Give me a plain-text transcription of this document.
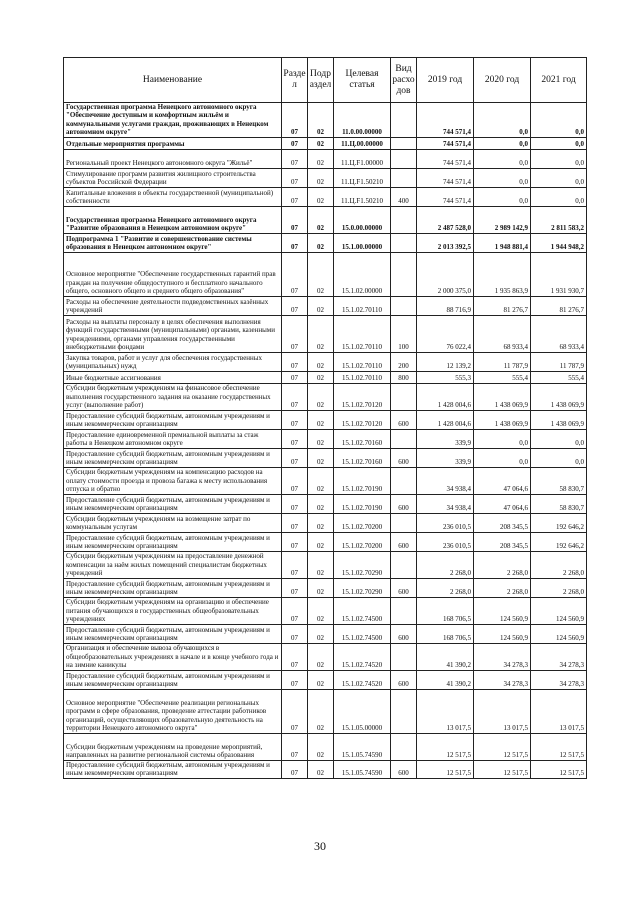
Наименование	Разде л	Подр аздел	Целевая статья	Вид расхо дов	2019 год	2020 год	2021 год
Государственная программа Ненецкого автономного округа "Обеспечение доступным и комфортным жильём и коммунальными услугами граждан, проживающих в Ненецком автономном округе"	07	02	11.0.00.00000		744 571,4	0,0	0,0
Отдельные мероприятия программы	07	02	11.Ц.00.00000		744 571,4	0,0	0,0
Региональный проект Ненецкого автономного округа "Жильё"	07	02	11.Ц.F1.00000		744 571,4	0,0	0,0
Стимулирование программ развития жилищного строительства субъектов Российской Федерации	07	02	11.Ц.F1.50210		744 571,4	0,0	0,0
Капитальные вложения в объекты государственной (муниципальной) собственности	07	02	11.Ц.F1.50210	400	744 571,4	0,0	0,0
Государственная программа Ненецкого автономного округа "Развитие образования в Ненецком автономном округе"	07	02	15.0.00.00000		2 487 528,0	2 989 142,9	2 811 583,2
Подпрограмма 1 "Развитие и совершенствование системы образования в Ненецком автономном округе"	07	02	15.1.00.00000		2 013 392,5	1 948 881,4	1 944 948,2
Основное мероприятие "Обеспечение государственных гарантий прав граждан на получение общедоступного и бесплатного начального общего, основного общего и среднего общего образования"	07	02	15.1.02.00000		2 000 375,0	1 935 863,9	1 931 930,7
Расходы на обеспечение деятельности подведомственных казённых учреждений	07	02	15.1.02.70110		88 716,9	81 276,7	81 276,7
Расходы на выплаты персоналу в целях обеспечения выполнения функций государственными (муниципальными) органами, казенными учреждениями, органами управления государственными внебюджетными фондами	07	02	15.1.02.70110	100	76 022,4	68 933,4	68 933,4
Закупка товаров, работ и услуг для обеспечения государственных (муниципальных) нужд	07	02	15.1.02.70110	200	12 139,2	11 787,9	11 787,9
Иные бюджетные ассигнования	07	02	15.1.02.70110	800	555,3	555,4	555,4
Субсидии бюджетным учреждениям на финансовое обеспечение выполнения государственного задания на оказание государственных услуг (выполнение работ)	07	02	15.1.02.70120		1 428 004,6	1 438 069,9	1 438 069,9
Предоставление субсидий бюджетным, автономным учреждениям и иным некоммерческим организациям	07	02	15.1.02.70120	600	1 428 004,6	1 438 069,9	1 438 069,9
Предоставление единовременной премиальной выплаты за стаж работы в Ненецком автономном округе	07	02	15.1.02.70160		339,9	0,0	0,0
Предоставление субсидий бюджетным, автономным учреждениям и иным некоммерческим организациям	07	02	15.1.02.70160	600	339,9	0,0	0,0
Субсидии бюджетным учреждениям на компенсацию расходов на оплату стоимости проезда и провоза багажа к месту использования отпуска и обратно	07	02	15.1.02.70190		34 938,4	47 064,6	58 830,7
Предоставление субсидий бюджетным, автономным учреждениям и иным некоммерческим организациям	07	02	15.1.02.70190	600	34 938,4	47 064,6	58 830,7
Субсидии бюджетным учреждениям на возмещение затрат по коммунальным услугам	07	02	15.1.02.70200		236 010,5	208 345,5	192 646,2
Предоставление субсидий бюджетным, автономным учреждениям и иным некоммерческим организациям	07	02	15.1.02.70200	600	236 010,5	208 345,5	192 646,2
Субсидии бюджетным учреждениям на предоставление денежной компенсации за наём жилых помещений специалистам бюджетных учреждений	07	02	15.1.02.70290		2 268,0	2 268,0	2 268,0
Предоставление субсидий бюджетным, автономным учреждениям и иным некоммерческим организациям	07	02	15.1.02.70290	600	2 268,0	2 268,0	2 268,0
Субсидии бюджетным учреждениям на организацию и обеспечение питания обучающихся в государственных общеобразовательных учреждениях	07	02	15.1.02.74500		168 706,5	124 560,9	124 560,9
Предоставление субсидий бюджетным, автономным учреждениям и иным некоммерческим организациям	07	02	15.1.02.74500	600	168 706,5	124 560,9	124 560,9
Организация и обеспечение вывоза обучающихся в общеобразовательных учреждениях в начале и в конце учебного года и на зимние каникулы	07	02	15.1.02.74520		41 390,2	34 278,3	34 278,3
Предоставление субсидий бюджетным, автономным учреждениям и иным некоммерческим организациям	07	02	15.1.02.74520	600	41 390,2	34 278,3	34 278,3
Основное мероприятие "Обеспечение реализации региональных программ в сфере образования, проведение аттестации работников организаций, осуществляющих образовательную деятельность на территории Ненецкого автономного округа"	07	02	15.1.05.00000		13 017,5	13 017,5	13 017,5
Субсидии бюджетным учреждениям на проведение мероприятий, направленных на развитие региональной системы образования	07	02	15.1.05.74590		12 517,5	12 517,5	12 517,5
Предоставление субсидий бюджетным, автономным учреждениям и иным некоммерческим организациям	07	02	15.1.05.74590	600	12 517,5	12 517,5	12 517,5
30
